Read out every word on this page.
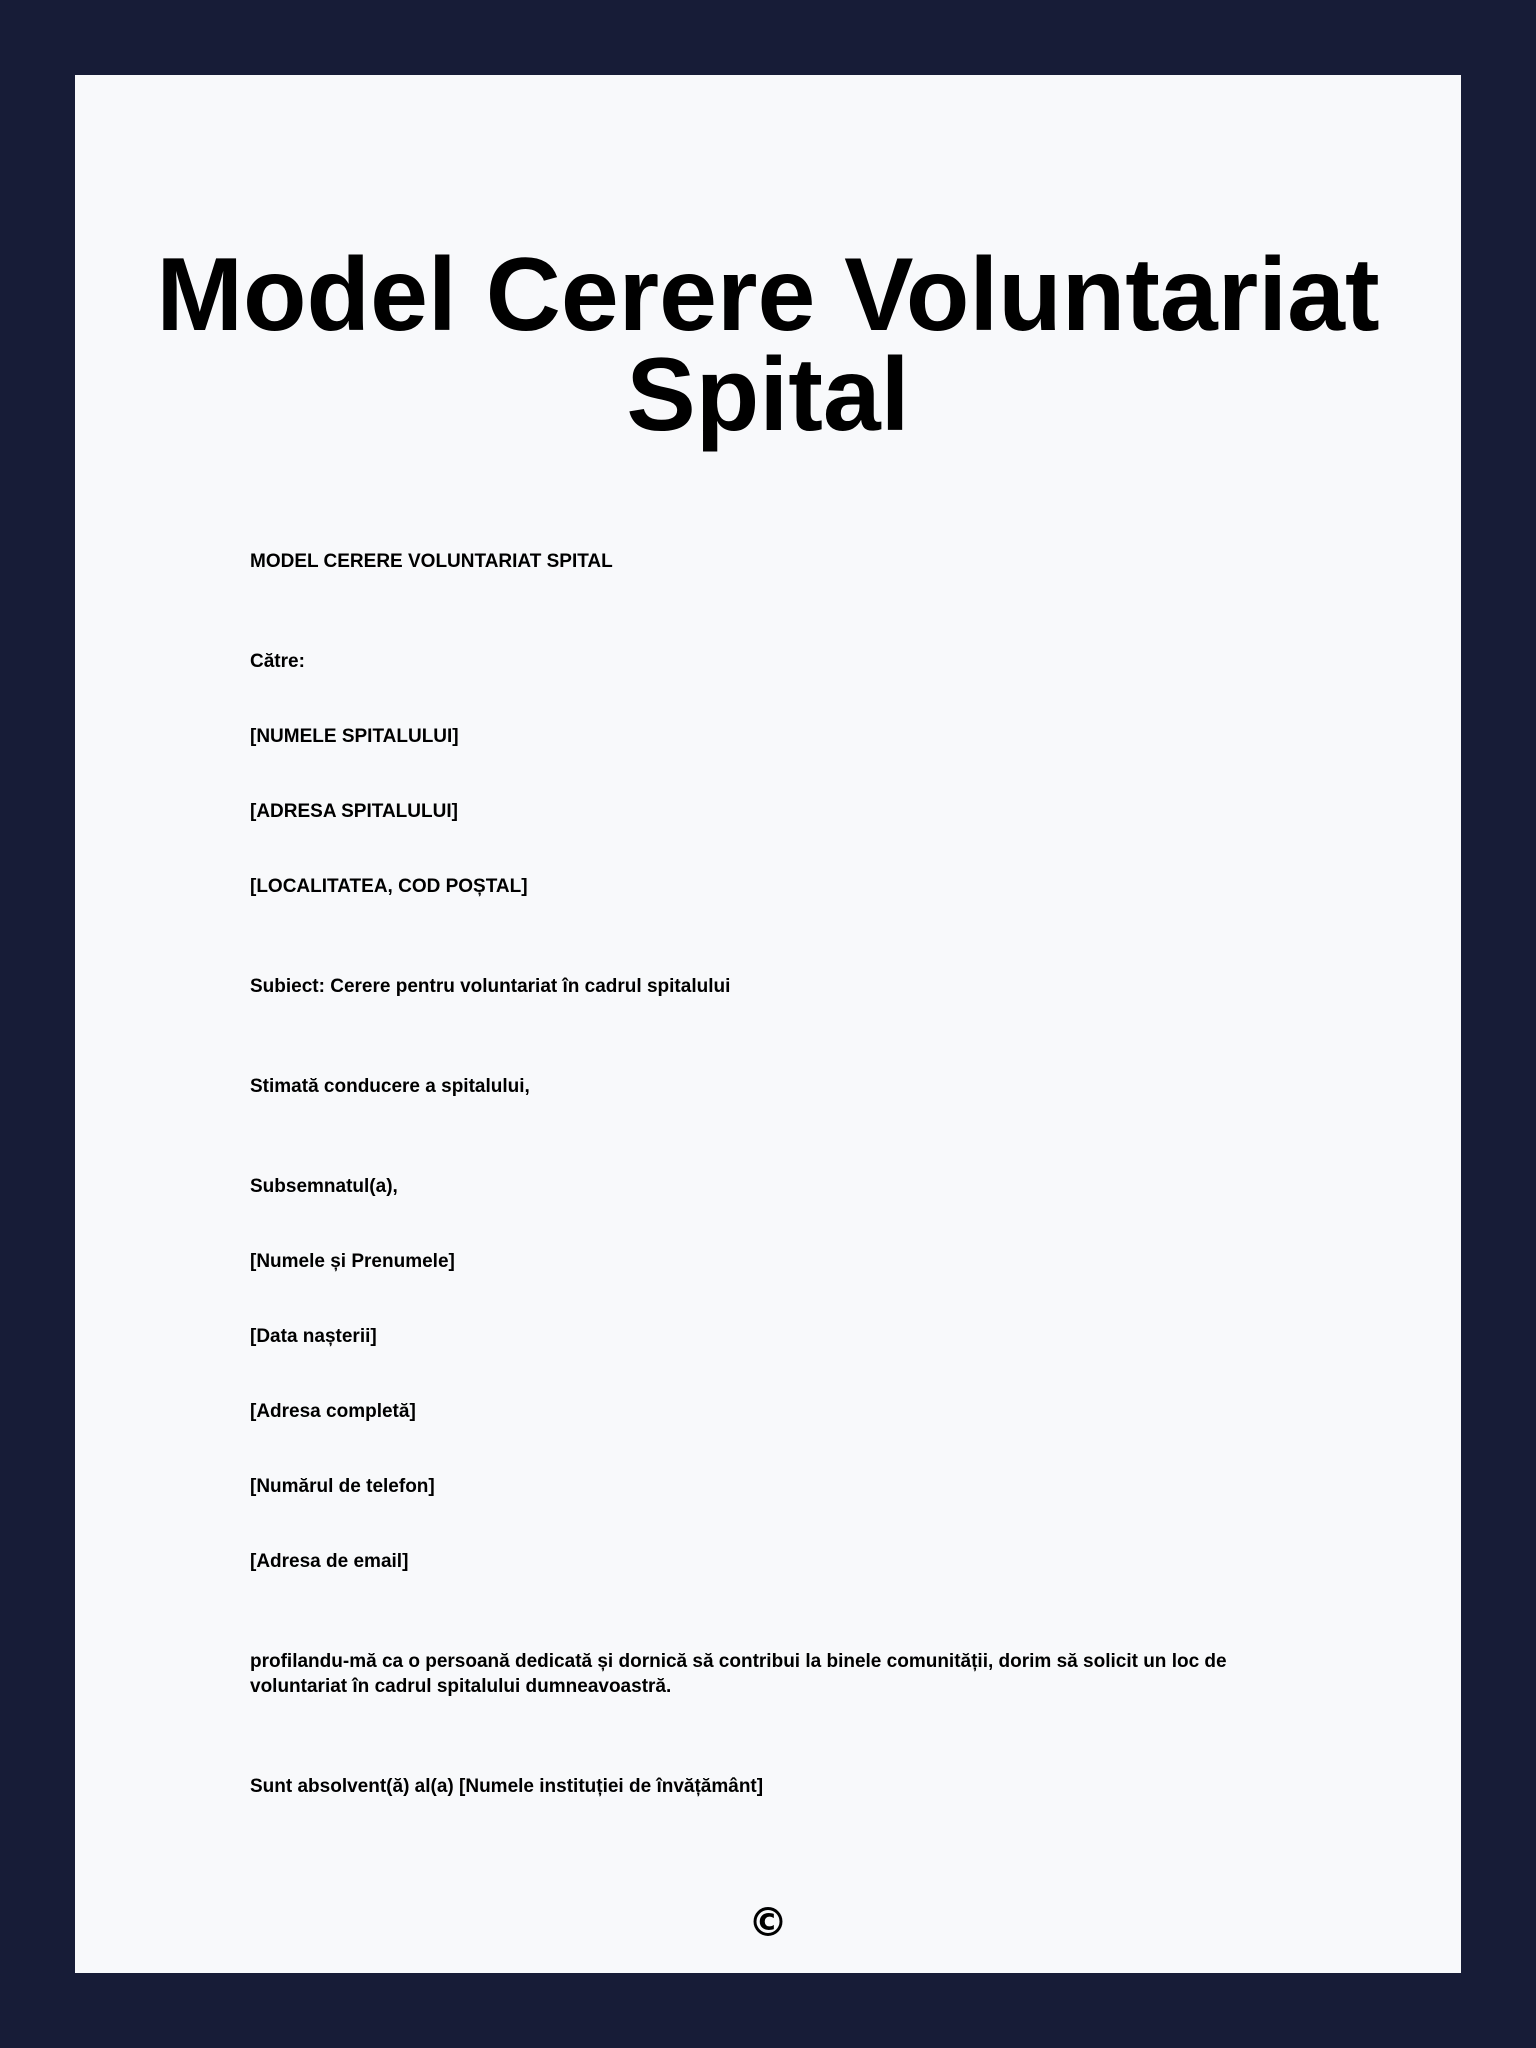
Model Cerere Voluntariat Spital

MODEL CERERE VOLUNTARIAT SPITAL

Către:

[NUMELE SPITALULUI]

[ADRESA SPITALULUI]

[LOCALITATEA, COD POȘTAL]

Subiect: Cerere pentru voluntariat în cadrul spitalului

Stimată conducere a spitalului,

Subsemnatul(a),

[Numele și Prenumele]

[Data nașterii]

[Adresa completă]

[Numărul de telefon]

[Adresa de email]

profilandu-mă ca o persoană dedicată și dornică să contribui la binele comunității, dorim să solicit un loc de voluntariat în cadrul spitalului dumneavoastră.

Sunt absolvent(ă) al(a) [Numele instituției de învățământ]

©
